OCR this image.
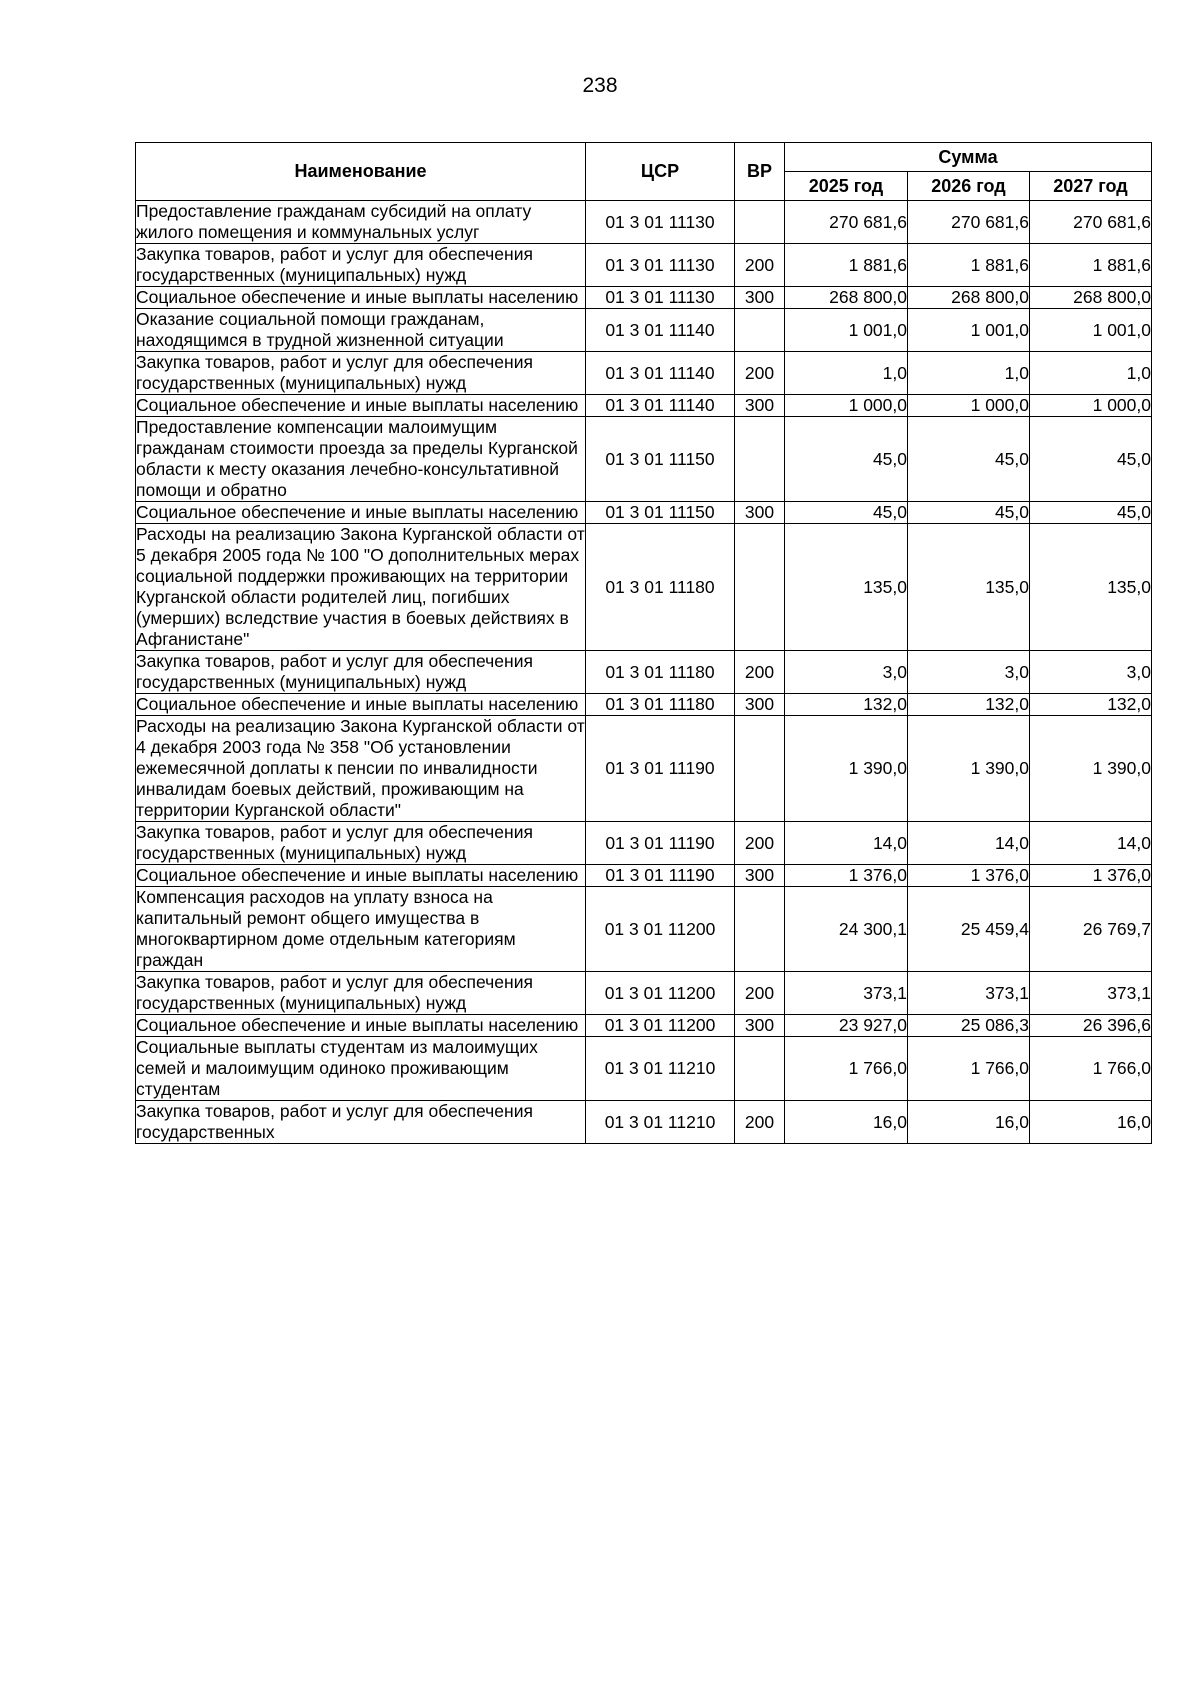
238
Наименование	ЦСР	ВР	Сумма		
			2025 год	2026 год	2027 год
Предоставление гражданам субсидий на оплату жилого помещения и коммунальных услуг	01 3 01 11130		270 681,6	270 681,6	270 681,6
Закупка товаров, работ и услуг для обеспечения государственных (муниципальных) нужд	01 3 01 11130	200	1 881,6	1 881,6	1 881,6
Социальное обеспечение и иные выплаты населению	01 3 01 11130	300	268 800,0	268 800,0	268 800,0
Оказание социальной помощи гражданам, находящимся в трудной жизненной ситуации	01 3 01 11140		1 001,0	1 001,0	1 001,0
Закупка товаров, работ и услуг для обеспечения государственных (муниципальных) нужд	01 3 01 11140	200	1,0	1,0	1,0
Социальное обеспечение и иные выплаты населению	01 3 01 11140	300	1 000,0	1 000,0	1 000,0
Предоставление компенсации малоимущим гражданам стоимости проезда за пределы Курганской области к месту оказания лечебно-консультативной помощи и обратно	01 3 01 11150		45,0	45,0	45,0
Социальное обеспечение и иные выплаты населению	01 3 01 11150	300	45,0	45,0	45,0
Расходы на реализацию Закона Курганской области от 5 декабря 2005 года № 100 "О дополнительных мерах социальной поддержки проживающих на территории Курганской области родителей лиц, погибших (умерших) вследствие участия в боевых действиях в Афганистане"	01 3 01 11180		135,0	135,0	135,0
Закупка товаров, работ и услуг для обеспечения государственных (муниципальных) нужд	01 3 01 11180	200	3,0	3,0	3,0
Социальное обеспечение и иные выплаты населению	01 3 01 11180	300	132,0	132,0	132,0
Расходы на реализацию Закона Курганской области от 4 декабря 2003 года № 358 "Об установлении ежемесячной доплаты к пенсии по инвалидности инвалидам боевых действий, проживающим на территории Курганской области"	01 3 01 11190		1 390,0	1 390,0	1 390,0
Закупка товаров, работ и услуг для обеспечения государственных (муниципальных) нужд	01 3 01 11190	200	14,0	14,0	14,0
Социальное обеспечение и иные выплаты населению	01 3 01 11190	300	1 376,0	1 376,0	1 376,0
Компенсация расходов на уплату взноса на капитальный ремонт общего имущества в многоквартирном доме отдельным категориям граждан	01 3 01 11200		24 300,1	25 459,4	26 769,7
Закупка товаров, работ и услуг для обеспечения государственных (муниципальных) нужд	01 3 01 11200	200	373,1	373,1	373,1
Социальное обеспечение и иные выплаты населению	01 3 01 11200	300	23 927,0	25 086,3	26 396,6
Социальные выплаты студентам из малоимущих семей и малоимущим одиноко проживающим студентам	01 3 01 11210		1 766,0	1 766,0	1 766,0
Закупка товаров, работ и услуг для обеспечения государственных	01 3 01 11210	200	16,0	16,0	16,0
